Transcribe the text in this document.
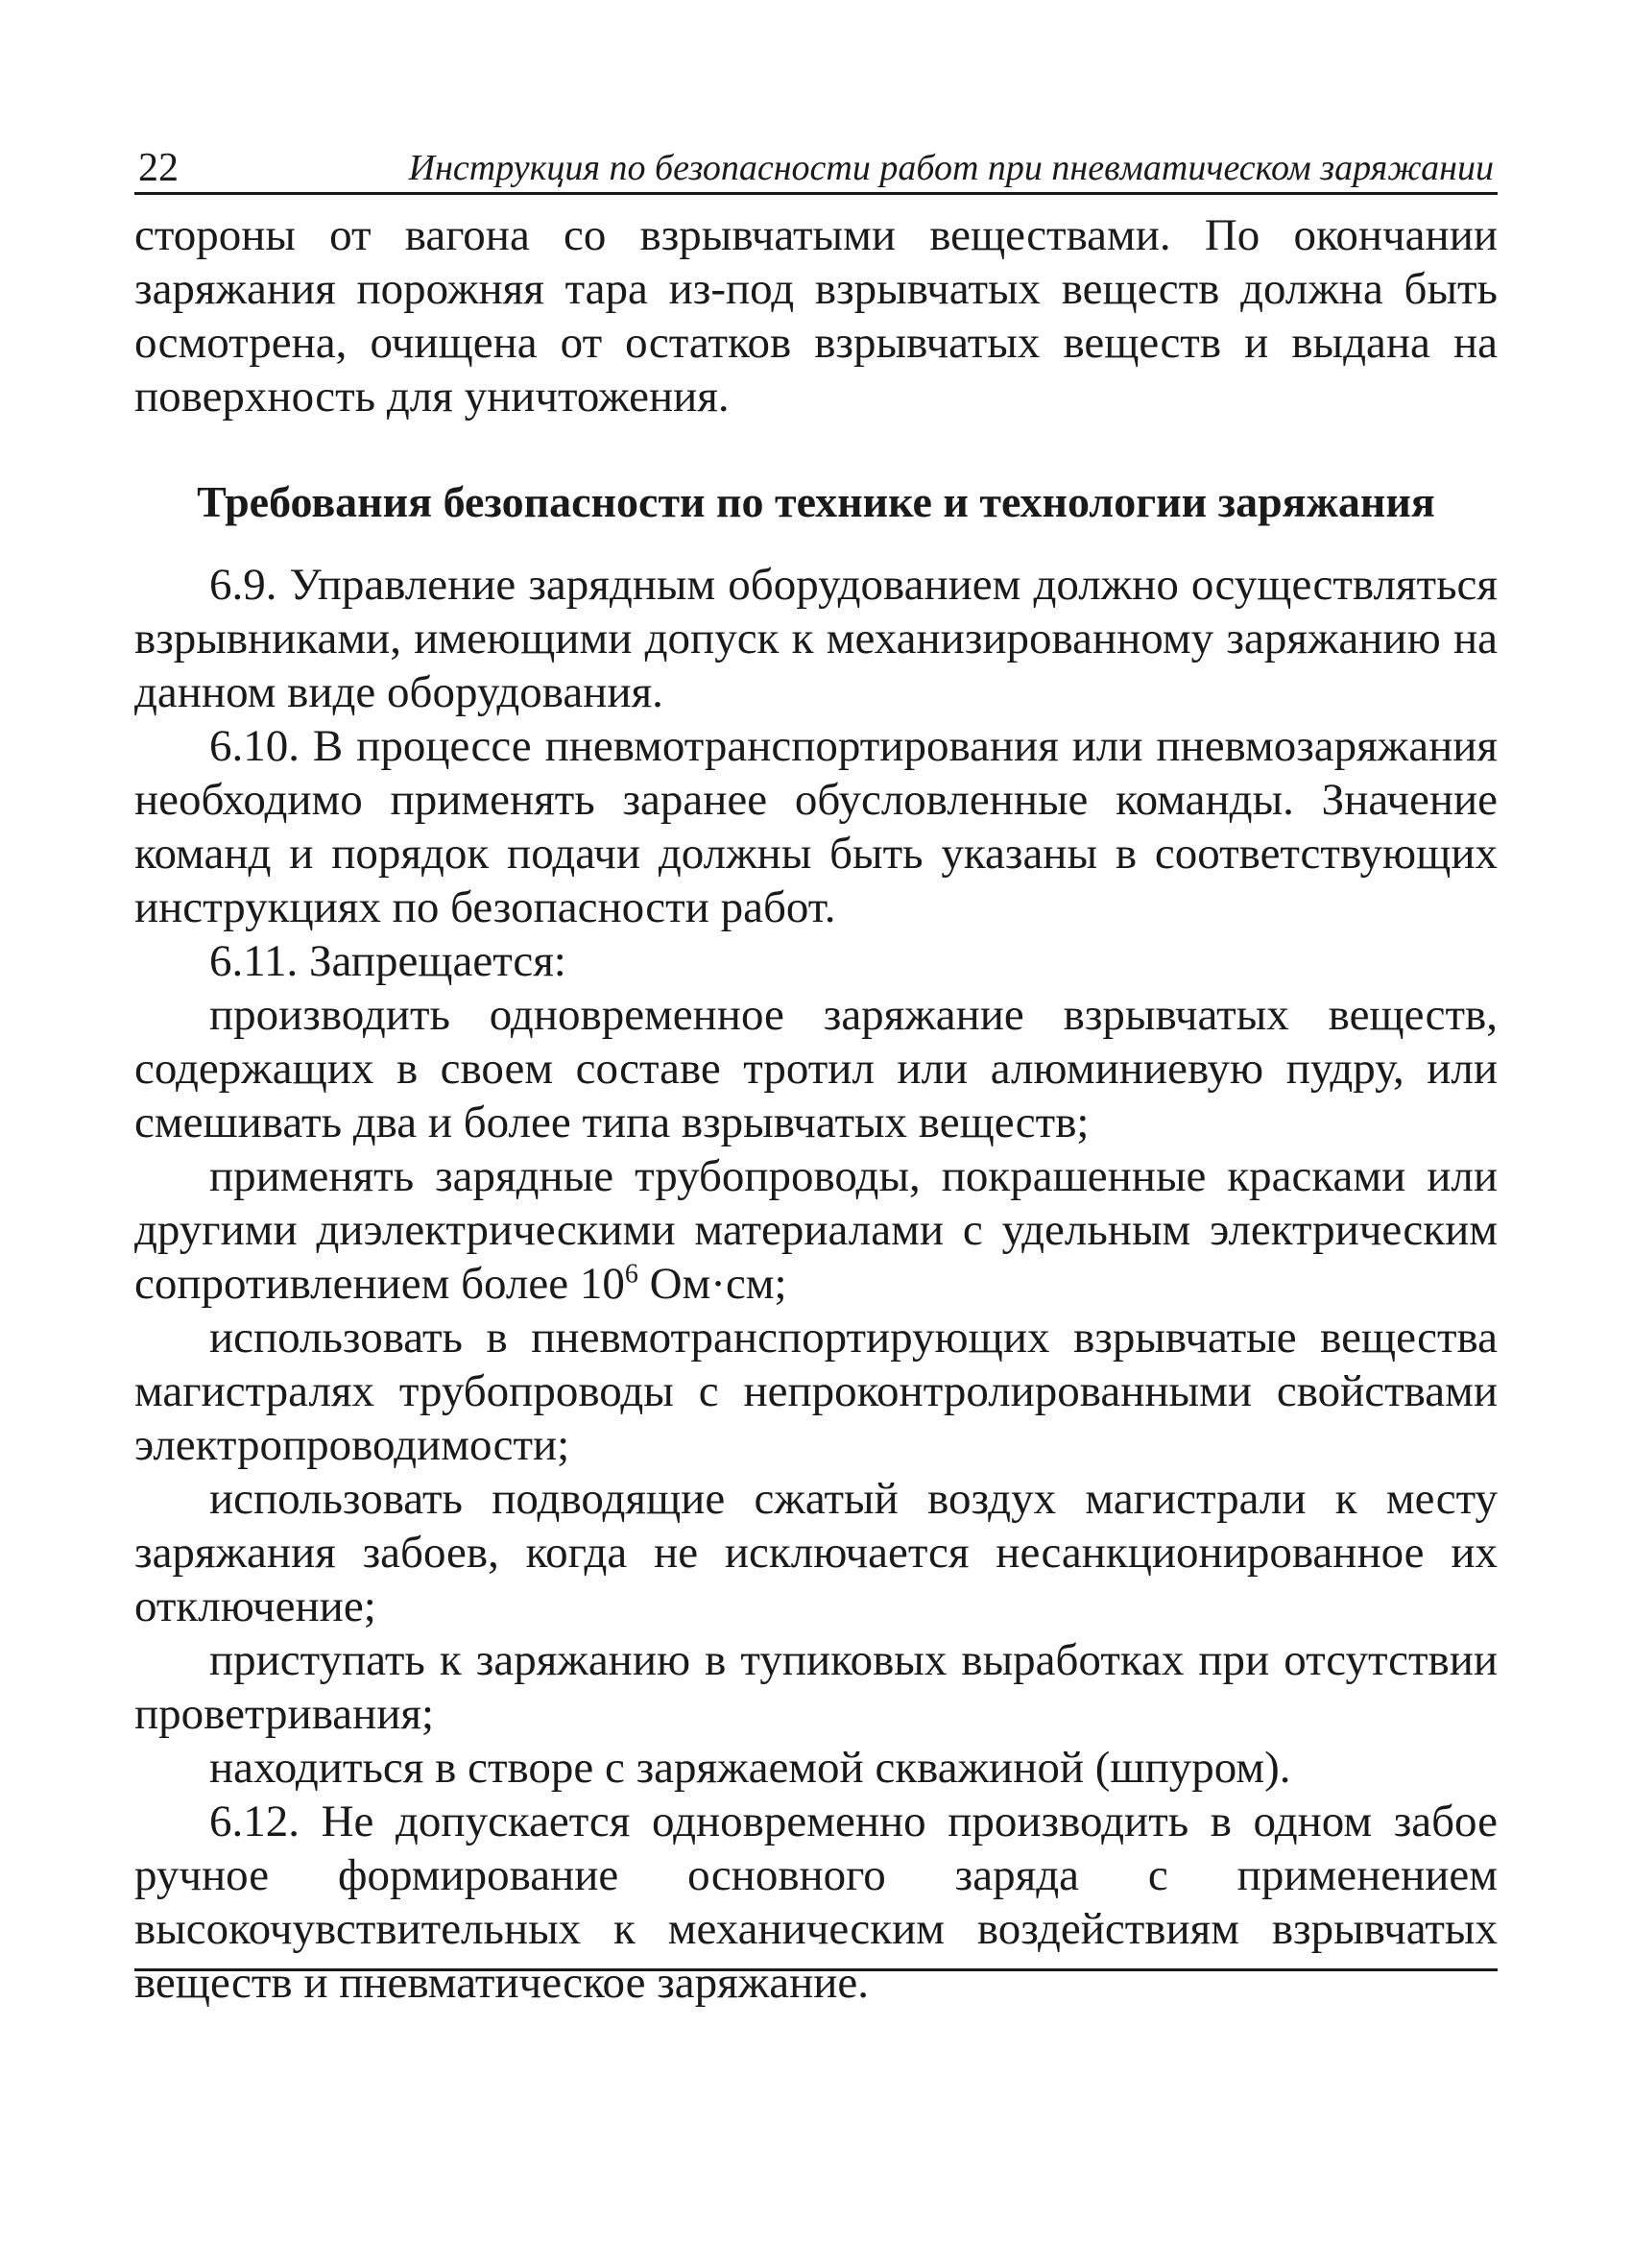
22	Инструкция по безопасности работ при пневматическом заряжании

стороны от вагона со взрывчатыми веществами. По окончании заряжания порожняя тара из-под взрывчатых веществ должна быть осмотрена, очищена от остатков взрывчатых веществ и выдана на поверхность для уничтожения.

Требования безопасности по технике и технологии заряжания

6.9. Управление зарядным оборудованием должно осуществляться взрывниками, имеющими допуск к механизированному заряжанию на данном виде оборудования.

6.10. В процессе пневмотранспортирования или пневмозаряжания необходимо применять заранее обусловленные команды. Значение команд и порядок подачи должны быть указаны в соответствующих инструкциях по безопасности работ.

6.11. Запрещается:

производить одновременное заряжание взрывчатых веществ, содержащих в своем составе тротил или алюминиевую пудру, или смешивать два и более типа взрывчатых веществ;

применять зарядные трубопроводы, покрашенные красками или другими диэлектрическими материалами с удельным электрическим сопротивлением более $10^6$ Ом·см;

использовать в пневмотранспортирующих взрывчатые вещества магистралях трубопроводы с непроконтролированными свойствами электропроводимости;

использовать подводящие сжатый воздух магистрали к месту заряжания забоев, когда не исключается несанкционированное их отключение;

приступать к заряжанию в тупиковых выработках при отсутствии проветривания;

находиться в створе с заряжаемой скважиной (шпуром).

6.12. Не допускается одновременно производить в одном забое ручное формирование основного заряда с применением высокочувствительных к механическим воздействиям взрывчатых веществ и пневматическое заряжание.
